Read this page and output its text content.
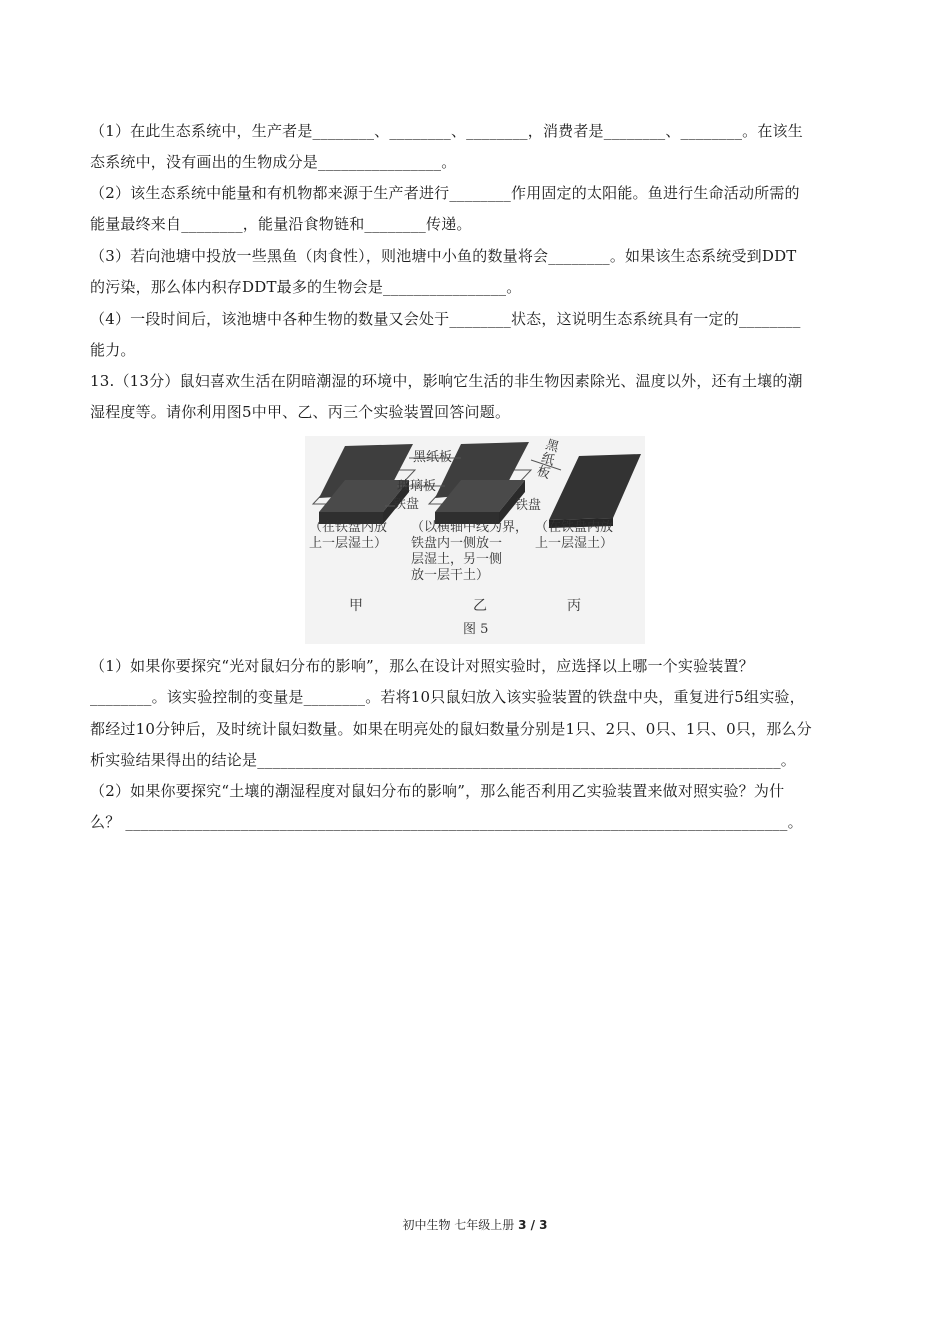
（1）在此生态系统中，生产者是________、________、________，消费者是________、________。在该生
态系统中，没有画出的生物成分是________________。
（2）该生态系统中能量和有机物都来源于生产者进行________作用固定的太阳能。鱼进行生命活动所需的
能量最终来自________，能量沿食物链和________传递。
（3）若向池塘中投放一些黑鱼（肉食性），则池塘中小鱼的数量将会________。如果该生态系统受到DDT
的污染，那么体内积存DDT最多的生物会是________________。
（4）一段时间后，该池塘中各种生物的数量又会处于________状态，这说明生态系统具有一定的________
能力。
13.（13分）鼠妇喜欢生活在阴暗潮湿的环境中，影响它生活的非生物因素除光、温度以外，还有土壤的潮
湿程度等。请你利用图5中甲、乙、丙三个实验装置回答问题。
黑纸板
玻璃板
铁盘
黑纸板
铁盘
（在铁盘内放
上一层湿土）
（以横轴中线为界，
铁盘内一侧放一
层湿土，另一侧
放一层干土）
（在铁盘内放
上一层湿土）
甲	乙	丙
图 5
（1）如果你要探究“光对鼠妇分布的影响”，那么在设计对照实验时，应选择以上哪一个实验装置？
________。该实验控制的变量是________。若将10只鼠妇放入该实验装置的铁盘中央，重复进行5组实验，
都经过10分钟后，及时统计鼠妇数量。如果在明亮处的鼠妇数量分别是1只、2只、0只、1只、0只，那么分
析实验结果得出的结论是____________________________________________________________________。
（2）如果你要探究“土壤的潮湿程度对鼠妇分布的影响”，那么能否利用乙实验装置来做对照实验？为什
么？ ______________________________________________________________________________________。
初中生物 七年级上册 3 / 3
